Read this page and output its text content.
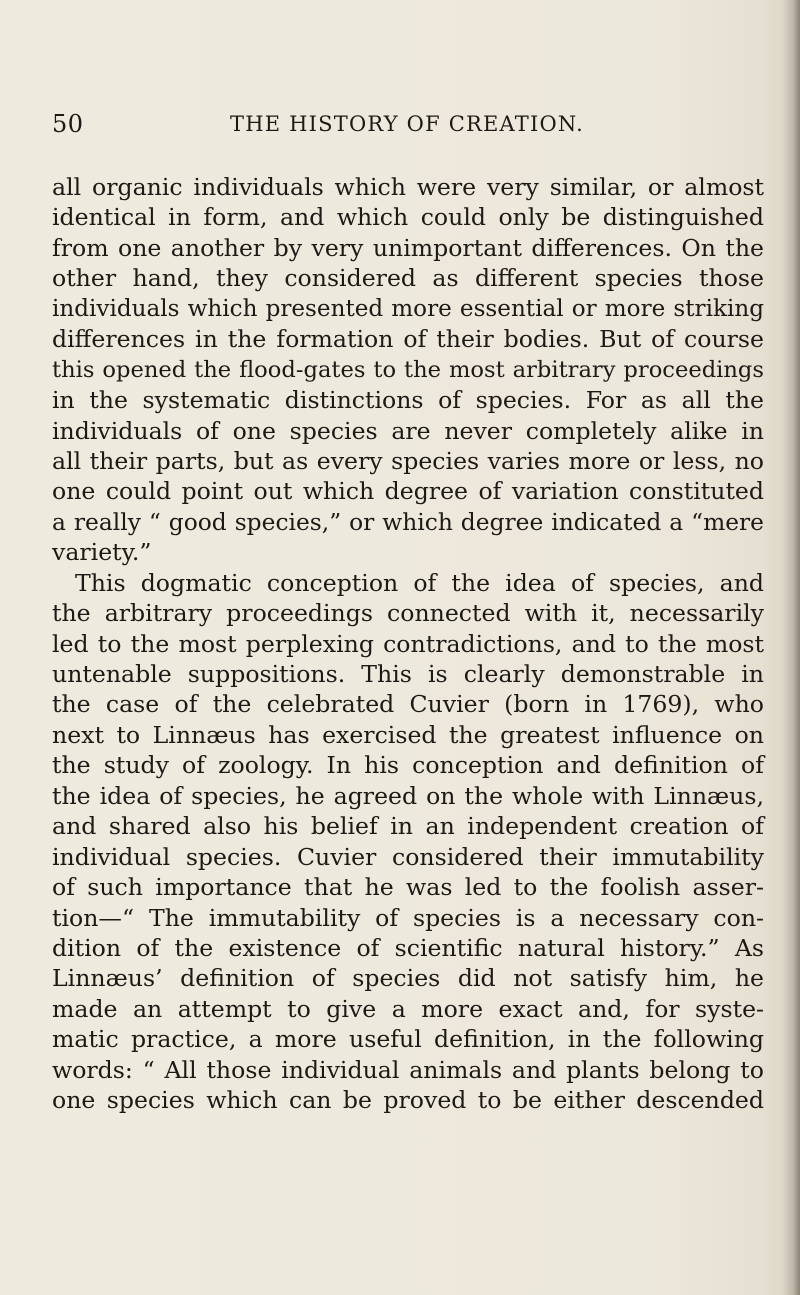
50	THE HISTORY OF CREATION.
all organic individuals which were very similar, or almost
identical in form, and which could only be distinguished
from one another by very unimportant differences. On the
other hand, they considered as different species those
individuals which presented more essential or more striking
differences in the formation of their bodies. But of course
this opened the flood-gates to the most arbitrary proceedings
in the systematic distinctions of species. For as all the
individuals of one species are never completely alike in
all their parts, but as every species varies more or less, no
one could point out which degree of variation constituted
a really “ good species,” or which degree indicated a “mere
variety.”
This dogmatic conception of the idea of species, and
the arbitrary proceedings connected with it, necessarily
led to the most perplexing contradictions, and to the most
untenable suppositions. This is clearly demonstrable in
the case of the celebrated Cuvier (born in 1769), who
next to Linnæus has exercised the greatest influence on
the study of zoology. In his conception and definition of
the idea of species, he agreed on the whole with Linnæus,
and shared also his belief in an independent creation of
individual species. Cuvier considered their immutability
of such importance that he was led to the foolish asser-
tion—“ The immutability of species is a necessary con-
dition of the existence of scientific natural history.” As
Linnæus’ definition of species did not satisfy him, he
made an attempt to give a more exact and, for syste-
matic practice, a more useful definition, in the following
words: “ All those individual animals and plants belong to
one species which can be proved to be either descended
